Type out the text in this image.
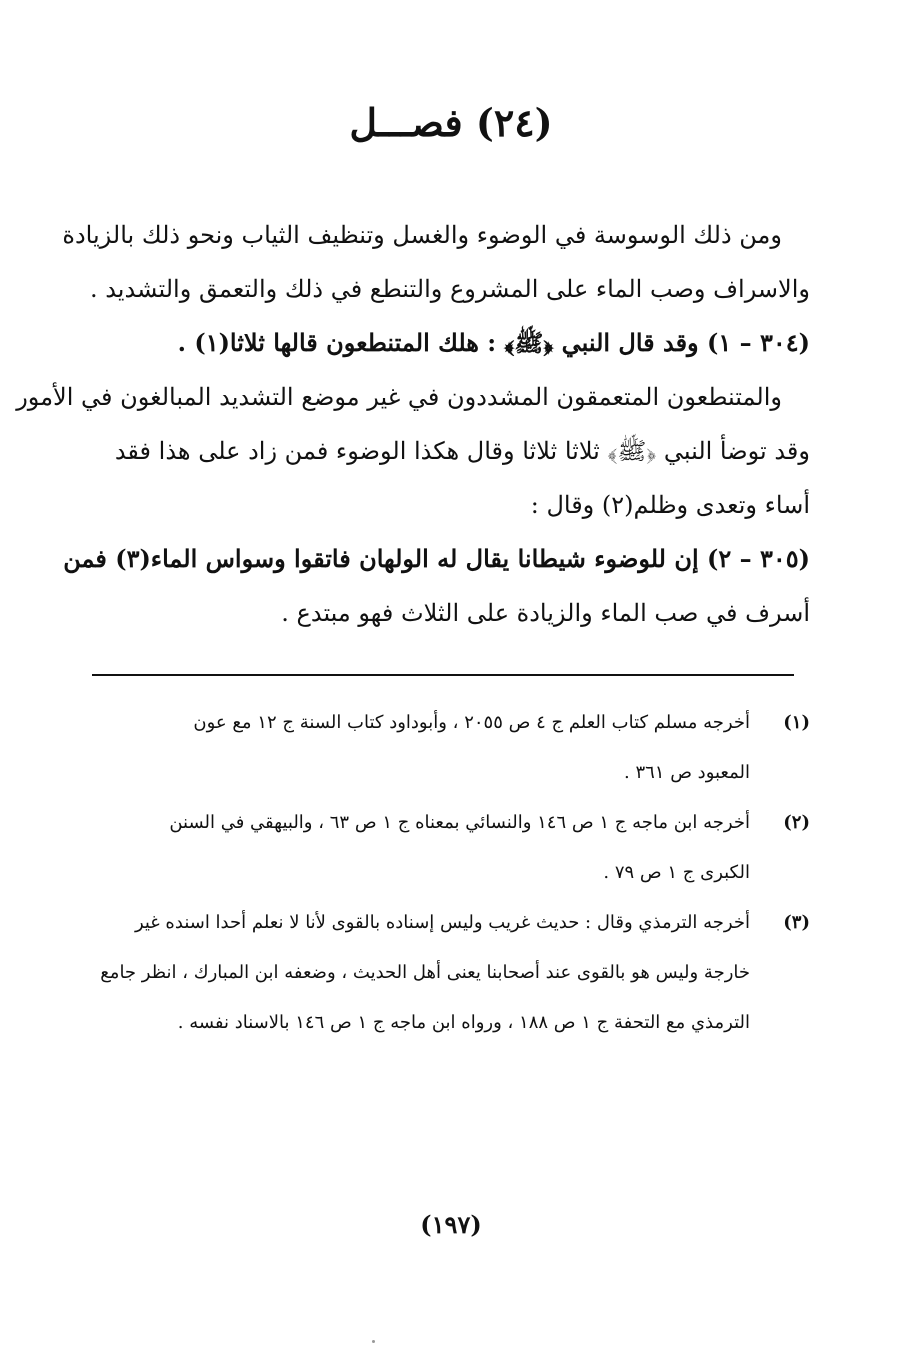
(٢٤) فصـــل
ومن ذلك الوسوسة في الوضوء والغسل وتنظيف الثياب ونحو ذلك بالزيادة
والاسراف وصب الماء على المشروع والتنطع في ذلك والتعمق والتشديد .
(٣٠٤ – ١) وقد قال النبي ﴿ﷺ﴾ : هلك المتنطعون قالها ثلاثا(١) .
والمتنطعون المتعمقون المشددون في غير موضع التشديد المبالغون في الأمور
وقد توضأ النبي ﴿ﷺ﴾ ثلاثا ثلاثا وقال هكذا الوضوء فمن زاد على هذا فقد
أساء وتعدى وظلم(٢) وقال :
(٣٠٥ – ٢) إن للوضوء شيطانا يقال له الولهان فاتقوا وسواس الماء(٣) فمن
أسرف في صب الماء والزيادة على الثلاث فهو مبتدع .
(١)
أخرجه مسلم كتاب العلم ج ٤ ص ٢٠٥٥ ، وأبوداود كتاب السنة ج ١٢ مع عون
المعبود ص ٣٦١ .
(٢)
أخرجه ابن ماجه ج ١ ص ١٤٦ والنسائي بمعناه ج ١ ص ٦٣ ، والبيهقي في السنن
الكبرى ج ١ ص ٧٩ .
(٣)
أخرجه الترمذي وقال : حديث غريب وليس إسناده بالقوى لأنا لا نعلم أحدا اسنده غير
خارجة وليس هو بالقوى عند أصحابنا يعنى أهل الحديث ، وضعفه ابن المبارك ، انظر جامع
الترمذي مع التحفة ج ١ ص ١٨٨ ، ورواه ابن ماجه ج ١ ص ١٤٦ بالاسناد نفسه .
(١٩٧)
